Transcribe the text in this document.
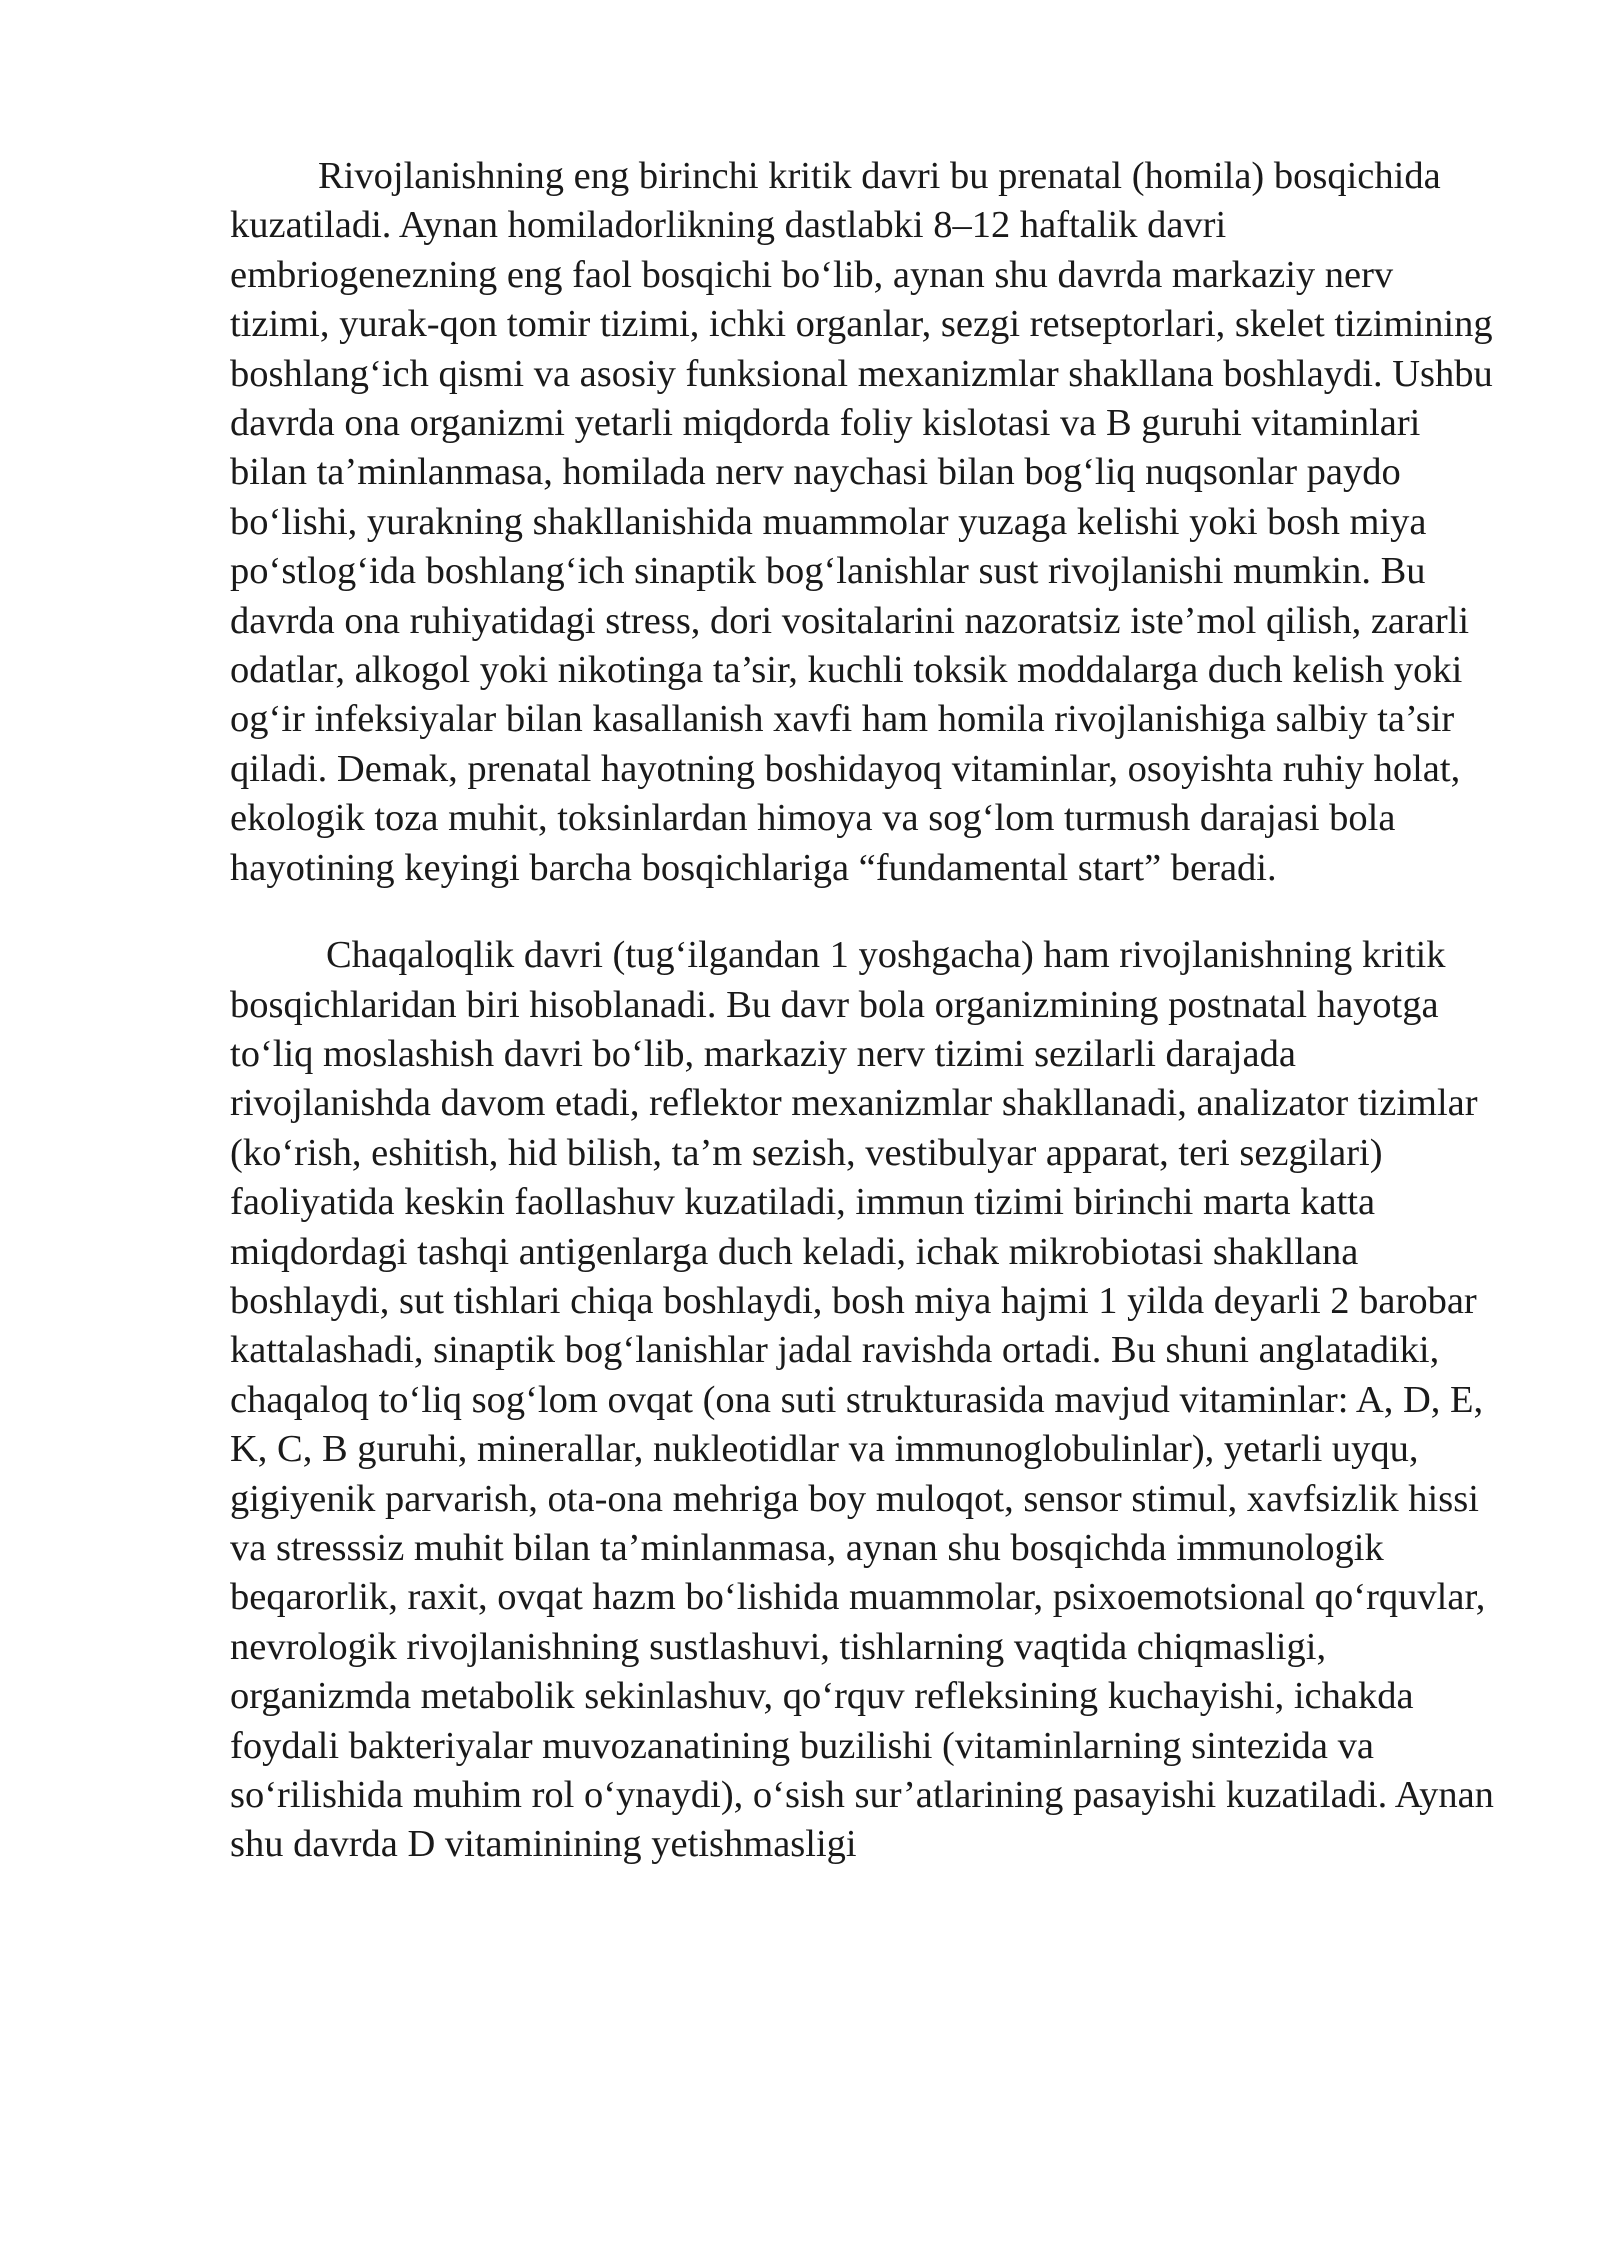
Rivojlanishning eng birinchi kritik davri bu prenatal (homila) bosqichida kuzatiladi. Aynan homiladorlikning dastlabki 8–12 haftalik davri embriogenezning eng faol bosqichi bo‘lib, aynan shu davrda markaziy nerv tizimi, yurak-qon tomir tizimi, ichki organlar, sezgi retseptorlari, skelet tizimining boshlang‘ich qismi va asosiy funksional mexanizmlar shakllana boshlaydi. Ushbu davrda ona organizmi yetarli miqdorda foliy kislotasi va B guruhi vitaminlari bilan ta’minlanmasa, homilada nerv naychasi bilan bog‘liq nuqsonlar paydo bo‘lishi, yurakning shakllanishida muammolar yuzaga kelishi yoki bosh miya po‘stlog‘ida boshlang‘ich sinaptik bog‘lanishlar sust rivojlanishi mumkin. Bu davrda ona ruhiyatidagi stress, dori vositalarini nazoratsiz iste’mol qilish, zararli odatlar, alkogol yoki nikotinga ta’sir, kuchli toksik moddalarga duch kelish yoki og‘ir infeksiyalar bilan kasallanish xavfi ham homila rivojlanishiga salbiy ta’sir qiladi. Demak, prenatal hayotning boshidayoq vitaminlar, osoyishta ruhiy holat, ekologik toza muhit, toksinlardan himoya va sog‘lom turmush darajasi bola hayotining keyingi barcha bosqichlariga “fundamental start” beradi.

Chaqaloqlik davri (tug‘ilgandan 1 yoshgacha) ham rivojlanishning kritik bosqichlaridan biri hisoblanadi. Bu davr bola organizmining postnatal hayotga to‘liq moslashish davri bo‘lib, markaziy nerv tizimi sezilarli darajada rivojlanishda davom etadi, reflektor mexanizmlar shakllanadi, analizator tizimlar (ko‘rish, eshitish, hid bilish, ta’m sezish, vestibulyar apparat, teri sezgilari) faoliyatida keskin faollashuv kuzatiladi, immun tizimi birinchi marta katta miqdordagi tashqi antigenlarga duch keladi, ichak mikrobiotasi shakllana boshlaydi, sut tishlari chiqa boshlaydi, bosh miya hajmi 1 yilda deyarli 2 barobar kattalashadi, sinaptik bog‘lanishlar jadal ravishda ortadi. Bu shuni anglatadiki, chaqaloq to‘liq sog‘lom ovqat (ona suti strukturasida mavjud vitaminlar: A, D, E, K, C, B guruhi, minerallar, nukleotidlar va immunoglobulinlar), yetarli uyqu, gigiyenik parvarish, ota-ona mehriga boy muloqot, sensor stimul, xavfsizlik hissi va stresssiz muhit bilan ta’minlanmasa, aynan shu bosqichda immunologik beqarorlik, raxit, ovqat hazm bo‘lishida muammolar, psixoemotsional qo‘rquvlar, nevrologik rivojlanishning sustlashuvi, tishlarning vaqtida chiqmasligi, organizmda metabolik sekinlashuv, qo‘rquv refleksining kuchayishi, ichakda foydali bakteriyalar muvozanatining buzilishi (vitaminlarning sintezida va so‘rilishida muhim rol o‘ynaydi), o‘sish sur’atlarining pasayishi kuzatiladi. Aynan shu davrda D vitaminining yetishmasligi
